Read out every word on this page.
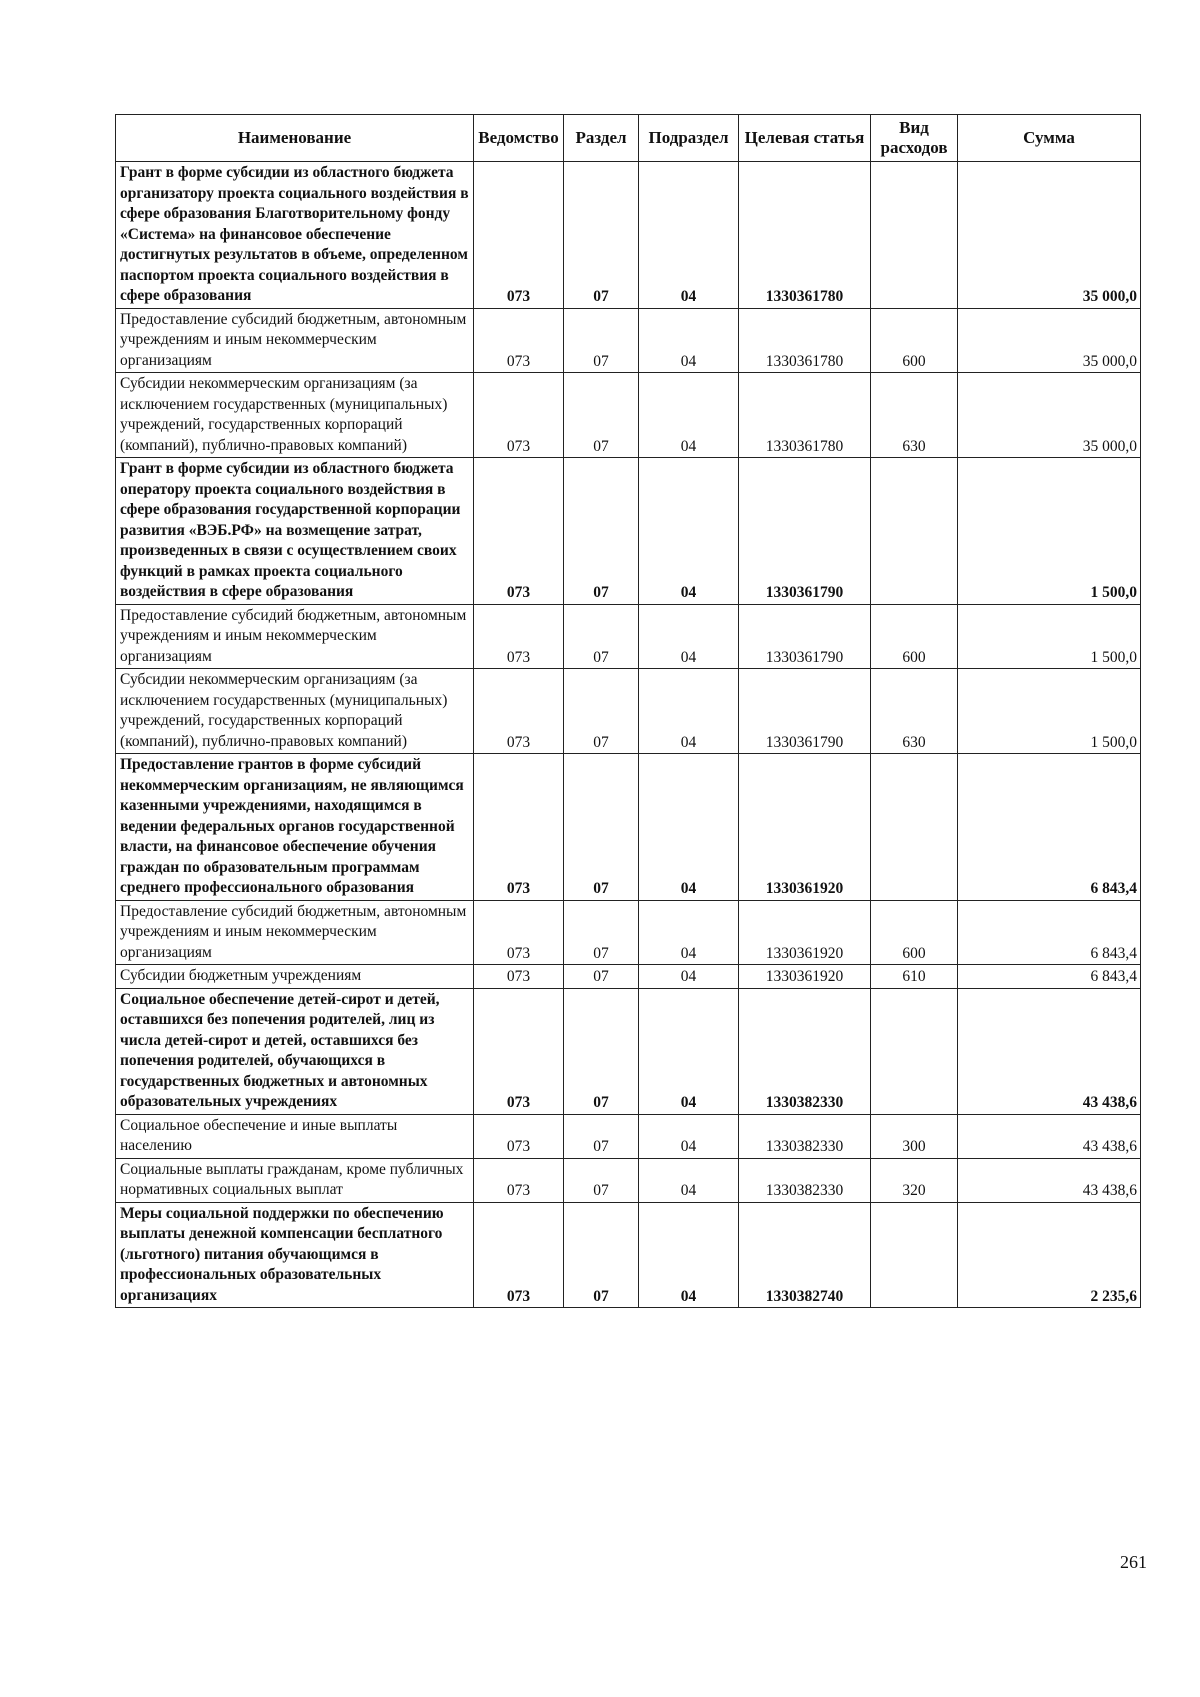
Наименование	Ведомство	Раздел	Подраздел	Целевая статья	Вид расходов	Сумма
Грант в форме субсидии из областного бюджета организатору проекта социального воздействия в сфере образования Благотворительному фонду «Система» на финансовое обеспечение достигнутых результатов в объеме, определенном паспортом проекта социального воздействия в сфере образования	073	07	04	1330361780		35 000,0
Предоставление субсидий бюджетным, автономным учреждениям и иным некоммерческим организациям	073	07	04	1330361780	600	35 000,0
Субсидии некоммерческим организациям (за исключением государственных (муниципальных) учреждений, государственных корпораций (компаний), публично-правовых компаний)	073	07	04	1330361780	630	35 000,0
Грант в форме субсидии из областного бюджета оператору проекта социального воздействия в сфере образования государственной корпорации развития «ВЭБ.РФ» на возмещение затрат, произведенных в связи с осуществлением своих функций в рамках проекта социального воздействия в сфере образования	073	07	04	1330361790		1 500,0
Предоставление субсидий бюджетным, автономным учреждениям и иным некоммерческим организациям	073	07	04	1330361790	600	1 500,0
Субсидии некоммерческим организациям (за исключением государственных (муниципальных) учреждений, государственных корпораций (компаний), публично-правовых компаний)	073	07	04	1330361790	630	1 500,0
Предоставление грантов в форме субсидий некоммерческим организациям, не являющимся казенными учреждениями, находящимся в ведении федеральных органов государственной власти, на финансовое обеспечение обучения граждан по образовательным программам среднего профессионального образования	073	07	04	1330361920		6 843,4
Предоставление субсидий бюджетным, автономным учреждениям и иным некоммерческим организациям	073	07	04	1330361920	600	6 843,4
Субсидии бюджетным учреждениям	073	07	04	1330361920	610	6 843,4
Социальное обеспечение детей-сирот и детей, оставшихся без попечения родителей, лиц из числа детей-сирот и детей, оставшихся без попечения родителей, обучающихся в государственных бюджетных и автономных образовательных учреждениях	073	07	04	1330382330		43 438,6
Социальное обеспечение и иные выплаты населению	073	07	04	1330382330	300	43 438,6
Социальные выплаты гражданам, кроме публичных нормативных социальных выплат	073	07	04	1330382330	320	43 438,6
Меры социальной поддержки по обеспечению выплаты денежной компенсации бесплатного (льготного) питания обучающимся в профессиональных образовательных организациях	073	07	04	1330382740		2 235,6
261
